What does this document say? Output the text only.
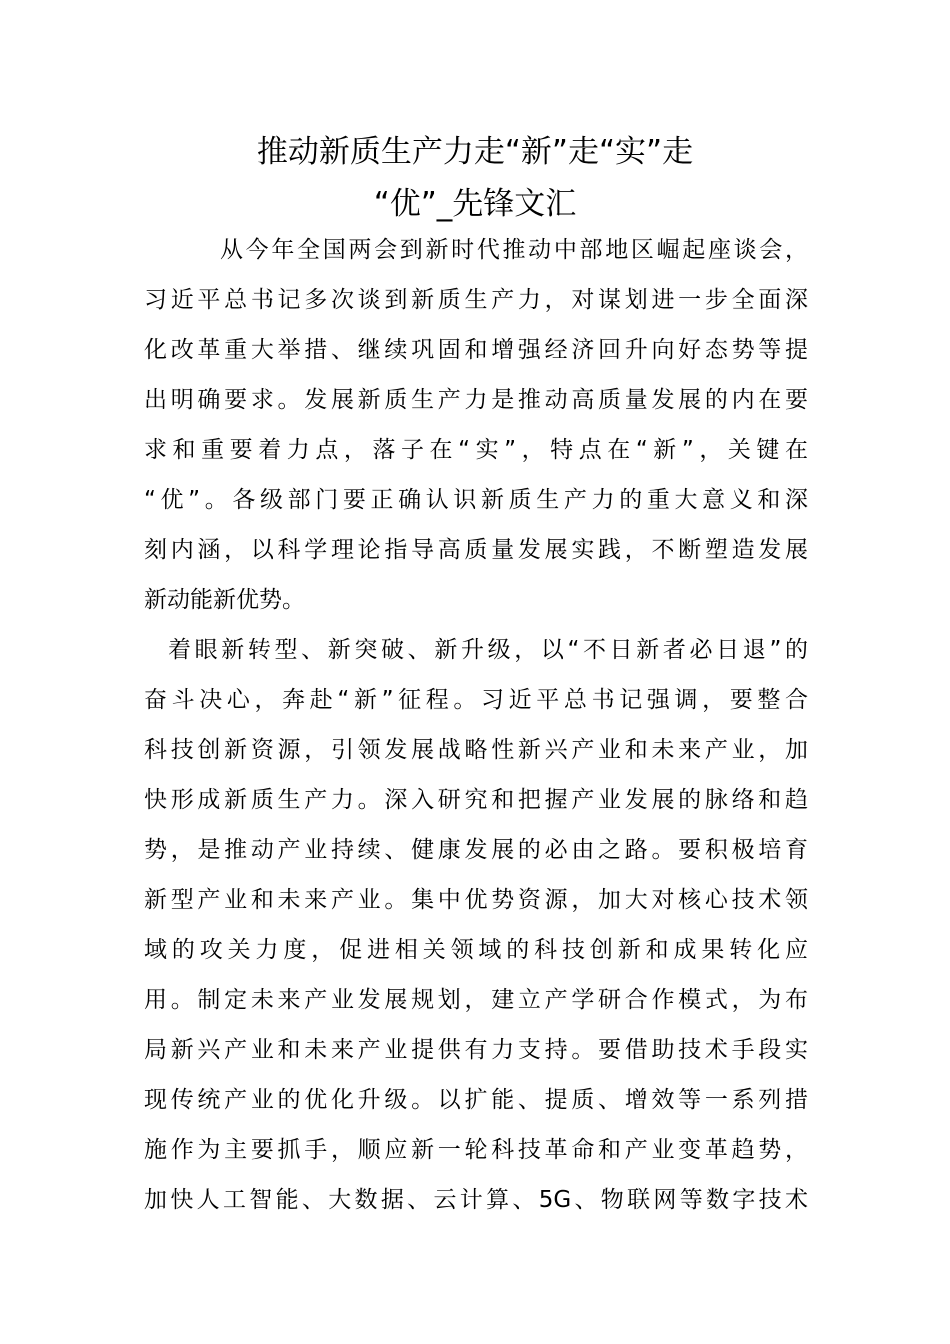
推动新质生产力走“新”走“实”走
“优”_先锋文汇
从今年全国两会到新时代推动中部地区崛起座谈会，
习近平总书记多次谈到新质生产力，对谋划进一步全面深
化改革重大举措、继续巩固和增强经济回升向好态势等提
出明确要求。发展新质生产力是推动高质量发展的内在要
求和重要着力点，落子在“实”，特点在“新”，关键在
“优”。各级部门要正确认识新质生产力的重大意义和深
刻内涵，以科学理论指导高质量发展实践，不断塑造发展
新动能新优势。
着眼新转型、新突破、新升级，以“不日新者必日退”的
奋斗决心，奔赴“新”征程。习近平总书记强调，要整合
科技创新资源，引领发展战略性新兴产业和未来产业，加
快形成新质生产力。深入研究和把握产业发展的脉络和趋
势，是推动产业持续、健康发展的必由之路。要积极培育
新型产业和未来产业。集中优势资源，加大对核心技术领
域的攻关力度，促进相关领域的科技创新和成果转化应
用。制定未来产业发展规划，建立产学研合作模式，为布
局新兴产业和未来产业提供有力支持。要借助技术手段实
现传统产业的优化升级。以扩能、提质、增效等一系列措
施作为主要抓手，顺应新一轮科技革命和产业变革趋势，
加快人工智能、大数据、云计算、5G、物联网等数字技术
